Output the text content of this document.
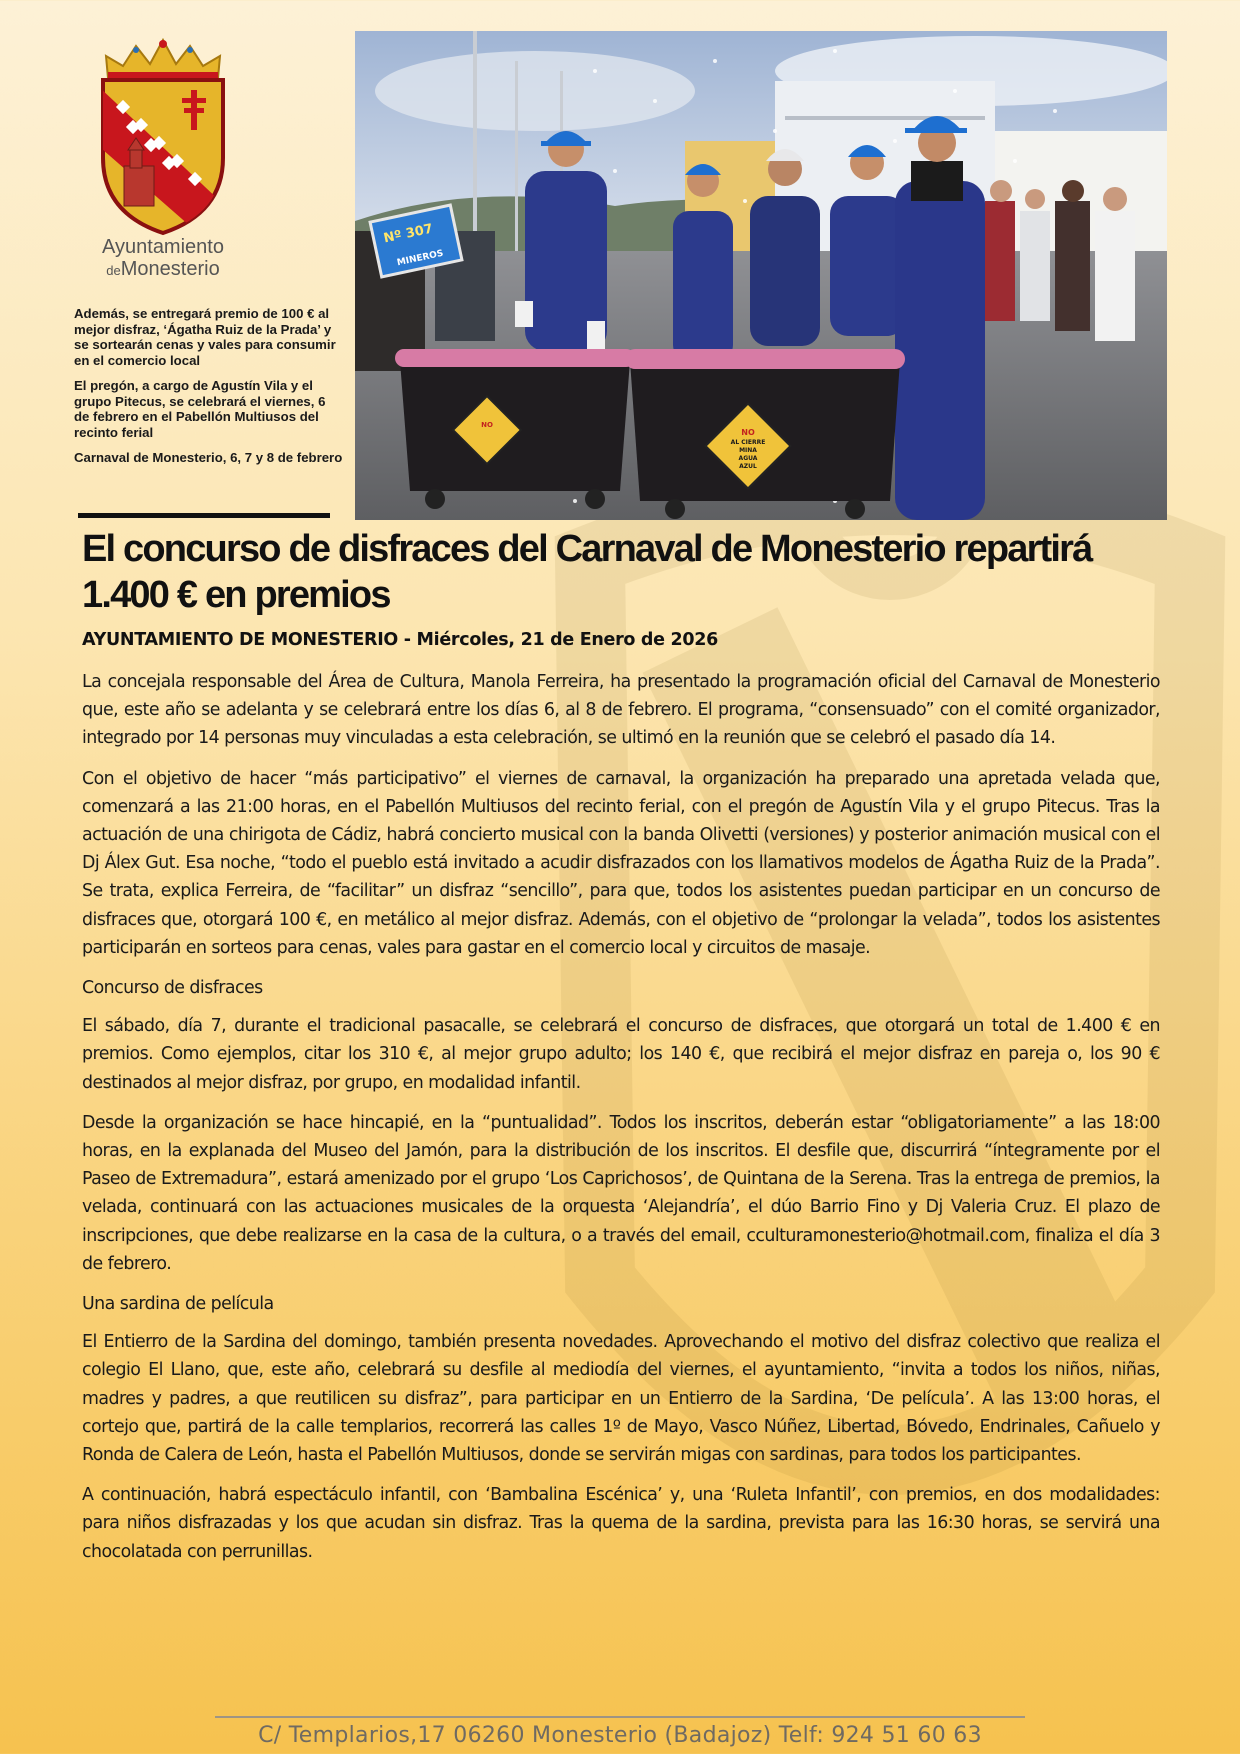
Ayuntamiento
deMonesterio

Además, se entregará premio de 100 € al mejor disfraz, ‘Ágatha Ruiz de la Prada’ y se sortearán cenas y vales para consumir en el comercio local

El pregón, a cargo de Agustín Vila y el grupo Pitecus, se celebrará el viernes, 6 de febrero en el Pabellón Multiusos del recinto ferial

Carnaval de Monesterio, 6, 7 y 8 de febrero

Nº 307
MINEROS
NO
NO
AL CIERRE
MINA
AGUA
AZUL
El concurso de disfraces del Carnaval de Monesterio repartirá 1.400 € en premios
AYUNTAMIENTO DE MONESTERIO - Miércoles, 21 de Enero de 2026

La concejala responsable del Área de Cultura, Manola Ferreira, ha presentado la programación oficial del Carnaval de Monesterio que, este año se adelanta y se celebrará entre los días 6, al 8 de febrero. El programa, “consensuado” con el comité organizador, integrado por 14 personas muy vinculadas a esta celebración, se ultimó en la reunión que se celebró el pasado día 14.

Con el objetivo de hacer “más participativo” el viernes de carnaval, la organización ha preparado una apretada velada que, comenzará a las 21:00 horas, en el Pabellón Multiusos del recinto ferial, con el pregón de Agustín Vila y el grupo Pitecus. Tras la actuación de una chirigota de Cádiz, habrá concierto musical con la banda Olivetti (versiones) y posterior animación musical con el Dj Álex Gut. Esa noche, “todo el pueblo está invitado a acudir disfrazados con los llamativos modelos de Ágatha Ruiz de la Prada”. Se trata, explica Ferreira, de “facilitar” un disfraz “sencillo”, para que, todos los asistentes puedan participar en un concurso de disfraces que, otorgará 100 €, en metálico al mejor disfraz. Además, con el objetivo de “prolongar la velada”, todos los asistentes participarán en sorteos para cenas, vales para gastar en el comercio local y circuitos de masaje.

Concurso de disfraces

El sábado, día 7, durante el tradicional pasacalle, se celebrará el concurso de disfraces, que otorgará un total de 1.400 € en premios. Como ejemplos, citar los 310 €, al mejor grupo adulto; los 140 €, que recibirá el mejor disfraz en pareja o, los 90 € destinados al mejor disfraz, por grupo, en modalidad infantil.

Desde la organización se hace hincapié, en la “puntualidad”. Todos los inscritos, deberán estar “obligatoriamente” a las 18:00 horas, en la explanada del Museo del Jamón, para la distribución de los inscritos. El desfile que, discurrirá “íntegramente por el Paseo de Extremadura”, estará amenizado por el grupo ‘Los Caprichosos’, de Quintana de la Serena. Tras la entrega de premios, la velada, continuará con las actuaciones musicales de la orquesta ‘Alejandría’, el dúo Barrio Fino y Dj Valeria Cruz. El plazo de inscripciones, que debe realizarse en la casa de la cultura, o a través del email, cculturamonesterio@hotmail.com, finaliza el día 3 de febrero.

Una sardina de película

El Entierro de la Sardina del domingo, también presenta novedades. Aprovechando el motivo del disfraz colectivo que realiza el colegio El Llano, que, este año, celebrará su desfile al mediodía del viernes, el ayuntamiento, “invita a todos los niños, niñas, madres y padres, a que reutilicen su disfraz”, para participar en un Entierro de la Sardina, ‘De película’. A las 13:00 horas, el cortejo que, partirá de la calle templarios, recorrerá las calles 1º de Mayo, Vasco Núñez, Libertad, Bóvedo, Endrinales, Cañuelo y Ronda de Calera de León, hasta el Pabellón Multiusos, donde se servirán migas con sardinas, para todos los participantes.

A continuación, habrá espectáculo infantil, con ‘Bambalina Escénica’ y, una ‘Ruleta Infantil’, con premios, en dos modalidades: para niños disfrazadas y los que acudan sin disfraz. Tras la quema de la sardina, prevista para las 16:30 horas, se servirá una chocolatada con perrunillas.

C/ Templarios,17 06260 Monesterio (Badajoz) Telf: 924 51 60 63
